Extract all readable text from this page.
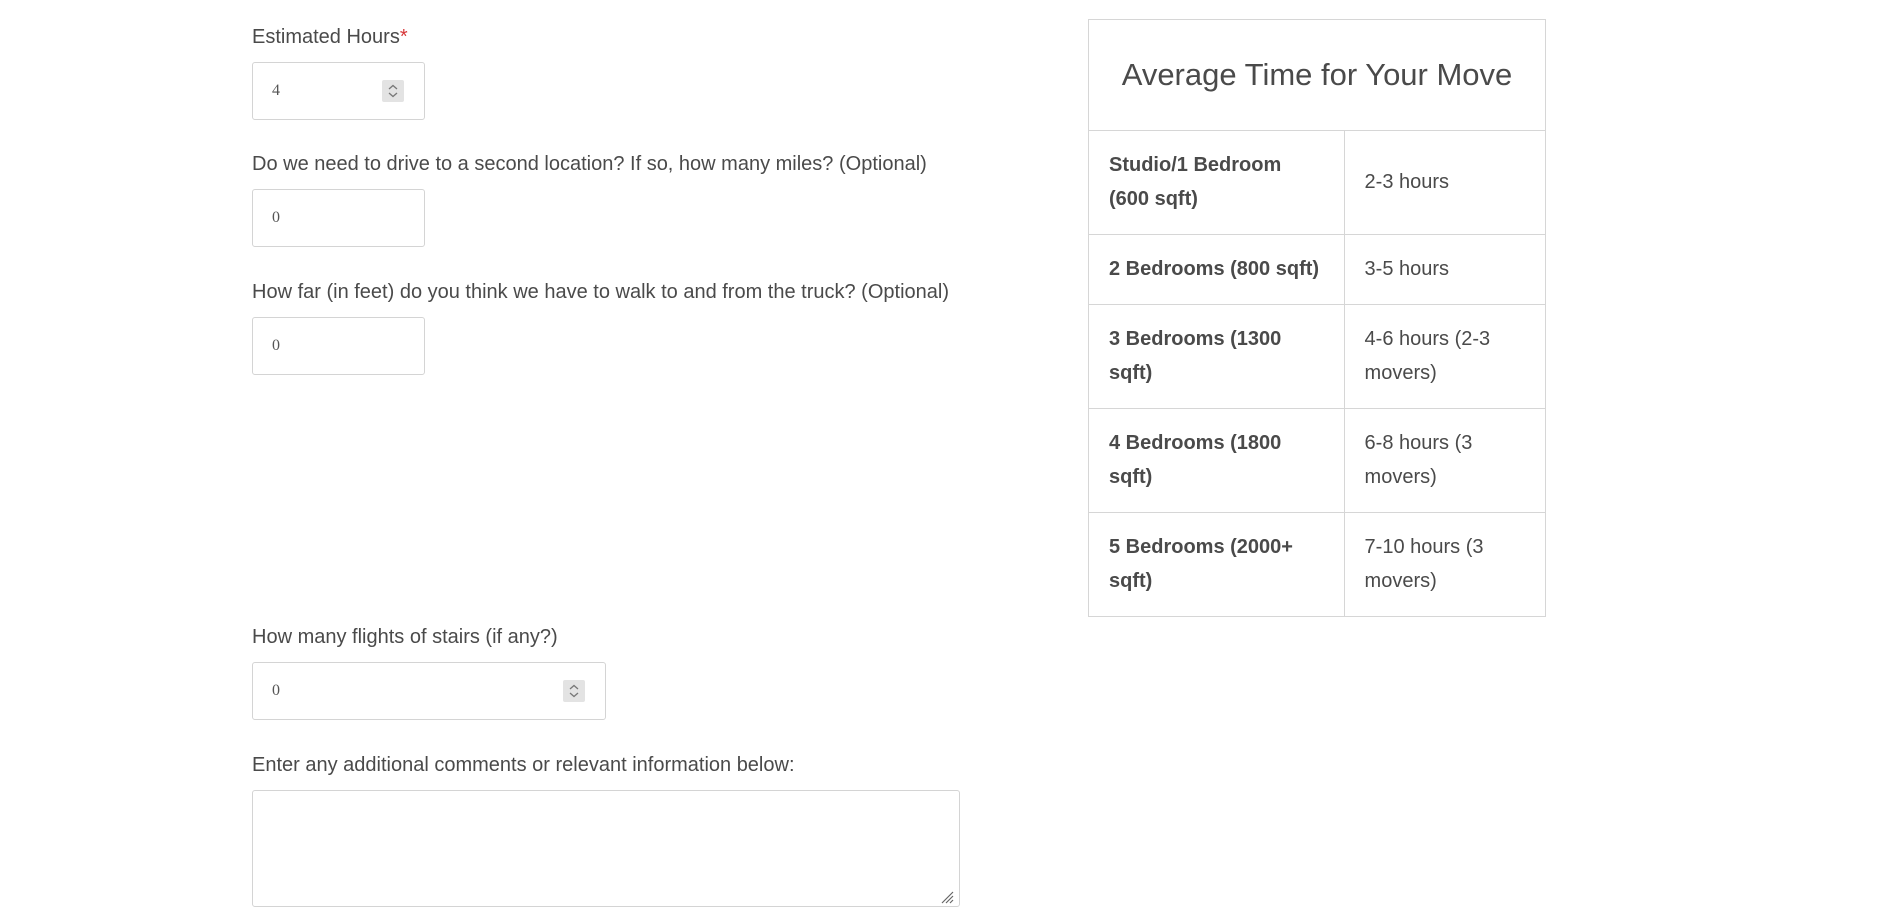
Estimated Hours*
4
Do we need to drive to a second location? If so, how many miles? (Optional)
0
How far (in feet) do you think we have to walk to and from the truck? (Optional)
0
How many flights of stairs (if any?)
0
Enter any additional comments or relevant information below:
Average Time for Your Move	
Studio/1 Bedroom (600 sqft)	2-3 hours
2 Bedrooms (800 sqft)	3-5 hours
3 Bedrooms (1300 sqft)	4-6 hours (2-3 movers)
4 Bedrooms (1800 sqft)	6-8 hours (3 movers)
5 Bedrooms (2000+ sqft)	7-10 hours (3 movers)
